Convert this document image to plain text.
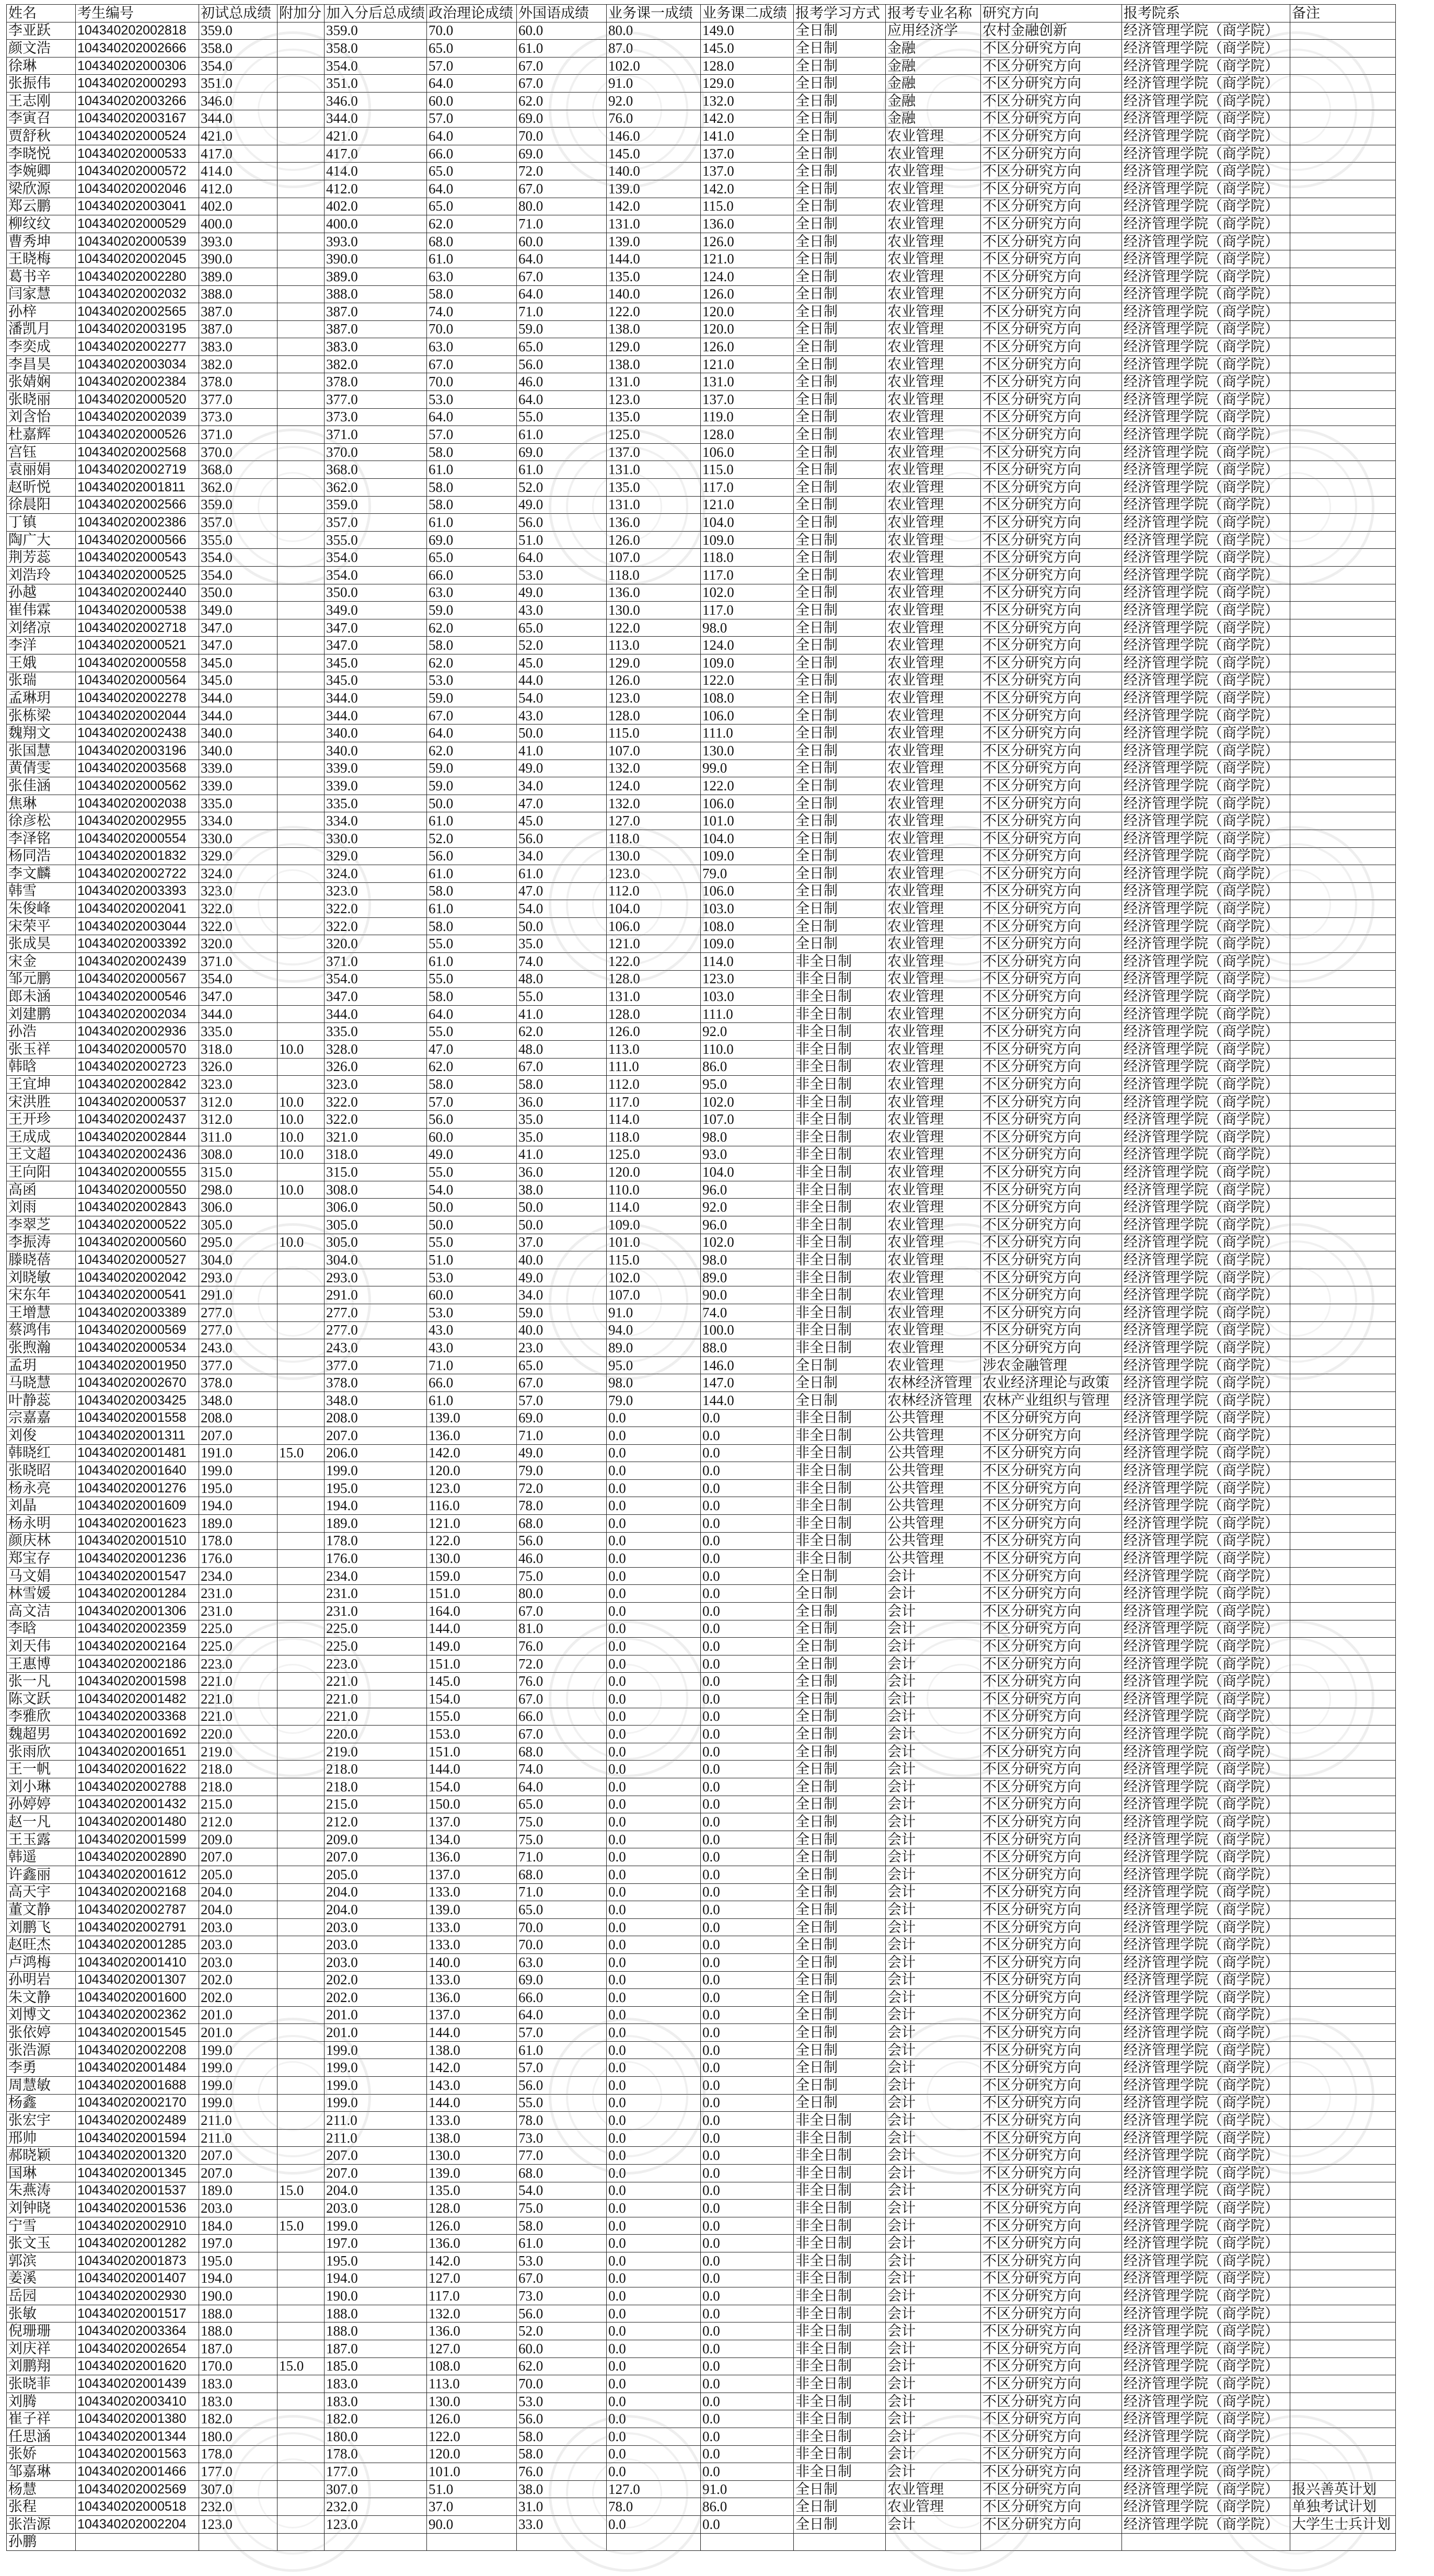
姓名	考生编号	初试总成绩	附加分	加入分后总成绩	政治理论成绩	外国语成绩	业务课一成绩	业务课二成绩	报考学习方式	报考专业名称	研究方向	报考院系	备注
李亚跃	104340202002818	359.0		359.0	70.0	60.0	80.0	149.0	全日制	应用经济学	农村金融创新	经济管理学院（商学院）	
颜文浩	104340202002666	358.0		358.0	65.0	61.0	87.0	145.0	全日制	金融	不区分研究方向	经济管理学院（商学院）	
徐琳	104340202000306	354.0		354.0	57.0	67.0	102.0	128.0	全日制	金融	不区分研究方向	经济管理学院（商学院）	
张振伟	104340202000293	351.0		351.0	64.0	67.0	91.0	129.0	全日制	金融	不区分研究方向	经济管理学院（商学院）	
王志刚	104340202003266	346.0		346.0	60.0	62.0	92.0	132.0	全日制	金融	不区分研究方向	经济管理学院（商学院）	
李寅召	104340202003167	344.0		344.0	57.0	69.0	76.0	142.0	全日制	金融	不区分研究方向	经济管理学院（商学院）	
贾舒秋	104340202000524	421.0		421.0	64.0	70.0	146.0	141.0	全日制	农业管理	不区分研究方向	经济管理学院（商学院）	
李晓悦	104340202000533	417.0		417.0	66.0	69.0	145.0	137.0	全日制	农业管理	不区分研究方向	经济管理学院（商学院）	
李婉卿	104340202000572	414.0		414.0	65.0	72.0	140.0	137.0	全日制	农业管理	不区分研究方向	经济管理学院（商学院）	
梁欣源	104340202002046	412.0		412.0	64.0	67.0	139.0	142.0	全日制	农业管理	不区分研究方向	经济管理学院（商学院）	
郑云鹏	104340202003041	402.0		402.0	65.0	80.0	142.0	115.0	全日制	农业管理	不区分研究方向	经济管理学院（商学院）	
柳纹纹	104340202000529	400.0		400.0	62.0	71.0	131.0	136.0	全日制	农业管理	不区分研究方向	经济管理学院（商学院）	
曹秀坤	104340202000539	393.0		393.0	68.0	60.0	139.0	126.0	全日制	农业管理	不区分研究方向	经济管理学院（商学院）	
王晓梅	104340202002045	390.0		390.0	61.0	64.0	144.0	121.0	全日制	农业管理	不区分研究方向	经济管理学院（商学院）	
葛书辛	104340202002280	389.0		389.0	63.0	67.0	135.0	124.0	全日制	农业管理	不区分研究方向	经济管理学院（商学院）	
闫家慧	104340202002032	388.0		388.0	58.0	64.0	140.0	126.0	全日制	农业管理	不区分研究方向	经济管理学院（商学院）	
孙梓	104340202002565	387.0		387.0	74.0	71.0	122.0	120.0	全日制	农业管理	不区分研究方向	经济管理学院（商学院）	
潘凯月	104340202003195	387.0		387.0	70.0	59.0	138.0	120.0	全日制	农业管理	不区分研究方向	经济管理学院（商学院）	
李奕成	104340202002277	383.0		383.0	63.0	65.0	129.0	126.0	全日制	农业管理	不区分研究方向	经济管理学院（商学院）	
李昌昊	104340202003034	382.0		382.0	67.0	56.0	138.0	121.0	全日制	农业管理	不区分研究方向	经济管理学院（商学院）	
张婧娴	104340202002384	378.0		378.0	70.0	46.0	131.0	131.0	全日制	农业管理	不区分研究方向	经济管理学院（商学院）	
张晓丽	104340202000520	377.0		377.0	53.0	64.0	123.0	137.0	全日制	农业管理	不区分研究方向	经济管理学院（商学院）	
刘含怡	104340202002039	373.0		373.0	64.0	55.0	135.0	119.0	全日制	农业管理	不区分研究方向	经济管理学院（商学院）	
杜嘉辉	104340202000526	371.0		371.0	57.0	61.0	125.0	128.0	全日制	农业管理	不区分研究方向	经济管理学院（商学院）	
宫钰	104340202002568	370.0		370.0	58.0	69.0	137.0	106.0	全日制	农业管理	不区分研究方向	经济管理学院（商学院）	
袁丽娟	104340202002719	368.0		368.0	61.0	61.0	131.0	115.0	全日制	农业管理	不区分研究方向	经济管理学院（商学院）	
赵昕悦	104340202001811	362.0		362.0	58.0	52.0	135.0	117.0	全日制	农业管理	不区分研究方向	经济管理学院（商学院）	
徐晨阳	104340202002566	359.0		359.0	58.0	49.0	131.0	121.0	全日制	农业管理	不区分研究方向	经济管理学院（商学院）	
丁镇	104340202002386	357.0		357.0	61.0	56.0	136.0	104.0	全日制	农业管理	不区分研究方向	经济管理学院（商学院）	
陶广大	104340202000566	355.0		355.0	69.0	51.0	126.0	109.0	全日制	农业管理	不区分研究方向	经济管理学院（商学院）	
荆芳蕊	104340202000543	354.0		354.0	65.0	64.0	107.0	118.0	全日制	农业管理	不区分研究方向	经济管理学院（商学院）	
刘浩玲	104340202000525	354.0		354.0	66.0	53.0	118.0	117.0	全日制	农业管理	不区分研究方向	经济管理学院（商学院）	
孙越	104340202002440	350.0		350.0	63.0	49.0	136.0	102.0	全日制	农业管理	不区分研究方向	经济管理学院（商学院）	
崔伟霖	104340202000538	349.0		349.0	59.0	43.0	130.0	117.0	全日制	农业管理	不区分研究方向	经济管理学院（商学院）	
刘绪凉	104340202002718	347.0		347.0	62.0	65.0	122.0	98.0	全日制	农业管理	不区分研究方向	经济管理学院（商学院）	
李洋	104340202000521	347.0		347.0	58.0	52.0	113.0	124.0	全日制	农业管理	不区分研究方向	经济管理学院（商学院）	
王娥	104340202000558	345.0		345.0	62.0	45.0	129.0	109.0	全日制	农业管理	不区分研究方向	经济管理学院（商学院）	
张瑞	104340202000564	345.0		345.0	53.0	44.0	126.0	122.0	全日制	农业管理	不区分研究方向	经济管理学院（商学院）	
孟琳玥	104340202002278	344.0		344.0	59.0	54.0	123.0	108.0	全日制	农业管理	不区分研究方向	经济管理学院（商学院）	
张栋梁	104340202002044	344.0		344.0	67.0	43.0	128.0	106.0	全日制	农业管理	不区分研究方向	经济管理学院（商学院）	
魏翔文	104340202002438	340.0		340.0	64.0	50.0	115.0	111.0	全日制	农业管理	不区分研究方向	经济管理学院（商学院）	
张国慧	104340202003196	340.0		340.0	62.0	41.0	107.0	130.0	全日制	农业管理	不区分研究方向	经济管理学院（商学院）	
黄倩雯	104340202003568	339.0		339.0	59.0	49.0	132.0	99.0	全日制	农业管理	不区分研究方向	经济管理学院（商学院）	
张佳涵	104340202000562	339.0		339.0	59.0	34.0	124.0	122.0	全日制	农业管理	不区分研究方向	经济管理学院（商学院）	
焦琳	104340202002038	335.0		335.0	50.0	47.0	132.0	106.0	全日制	农业管理	不区分研究方向	经济管理学院（商学院）	
徐彦松	104340202002955	334.0		334.0	61.0	45.0	127.0	101.0	全日制	农业管理	不区分研究方向	经济管理学院（商学院）	
李泽铭	104340202000554	330.0		330.0	52.0	56.0	118.0	104.0	全日制	农业管理	不区分研究方向	经济管理学院（商学院）	
杨同浩	104340202001832	329.0		329.0	56.0	34.0	130.0	109.0	全日制	农业管理	不区分研究方向	经济管理学院（商学院）	
李文麟	104340202002722	324.0		324.0	61.0	61.0	123.0	79.0	全日制	农业管理	不区分研究方向	经济管理学院（商学院）	
韩雪	104340202003393	323.0		323.0	58.0	47.0	112.0	106.0	全日制	农业管理	不区分研究方向	经济管理学院（商学院）	
朱俊峰	104340202002041	322.0		322.0	61.0	54.0	104.0	103.0	全日制	农业管理	不区分研究方向	经济管理学院（商学院）	
宋荣平	104340202003044	322.0		322.0	58.0	50.0	106.0	108.0	全日制	农业管理	不区分研究方向	经济管理学院（商学院）	
张成昊	104340202003392	320.0		320.0	55.0	35.0	121.0	109.0	全日制	农业管理	不区分研究方向	经济管理学院（商学院）	
宋金	104340202002439	371.0		371.0	61.0	74.0	122.0	114.0	非全日制	农业管理	不区分研究方向	经济管理学院（商学院）	
邹元鹏	104340202000567	354.0		354.0	55.0	48.0	128.0	123.0	非全日制	农业管理	不区分研究方向	经济管理学院（商学院）	
郎未涵	104340202000546	347.0		347.0	58.0	55.0	131.0	103.0	非全日制	农业管理	不区分研究方向	经济管理学院（商学院）	
刘建鹏	104340202002034	344.0		344.0	64.0	41.0	128.0	111.0	非全日制	农业管理	不区分研究方向	经济管理学院（商学院）	
孙浩	104340202002936	335.0		335.0	55.0	62.0	126.0	92.0	非全日制	农业管理	不区分研究方向	经济管理学院（商学院）	
张玉祥	104340202000570	318.0	10.0	328.0	47.0	48.0	113.0	110.0	非全日制	农业管理	不区分研究方向	经济管理学院（商学院）	
韩晗	104340202002723	326.0		326.0	62.0	67.0	111.0	86.0	非全日制	农业管理	不区分研究方向	经济管理学院（商学院）	
王宜坤	104340202002842	323.0		323.0	58.0	58.0	112.0	95.0	非全日制	农业管理	不区分研究方向	经济管理学院（商学院）	
宋洪胜	104340202000537	312.0	10.0	322.0	57.0	36.0	117.0	102.0	非全日制	农业管理	不区分研究方向	经济管理学院（商学院）	
王开珍	104340202002437	312.0	10.0	322.0	56.0	35.0	114.0	107.0	非全日制	农业管理	不区分研究方向	经济管理学院（商学院）	
王成成	104340202002844	311.0	10.0	321.0	60.0	35.0	118.0	98.0	非全日制	农业管理	不区分研究方向	经济管理学院（商学院）	
王文超	104340202002436	308.0	10.0	318.0	49.0	41.0	125.0	93.0	非全日制	农业管理	不区分研究方向	经济管理学院（商学院）	
王向阳	104340202000555	315.0		315.0	55.0	36.0	120.0	104.0	非全日制	农业管理	不区分研究方向	经济管理学院（商学院）	
高函	104340202000550	298.0	10.0	308.0	54.0	38.0	110.0	96.0	非全日制	农业管理	不区分研究方向	经济管理学院（商学院）	
刘雨	104340202002843	306.0		306.0	50.0	50.0	114.0	92.0	非全日制	农业管理	不区分研究方向	经济管理学院（商学院）	
李翠芝	104340202000522	305.0		305.0	50.0	50.0	109.0	96.0	非全日制	农业管理	不区分研究方向	经济管理学院（商学院）	
李振涛	104340202000560	295.0	10.0	305.0	55.0	37.0	101.0	102.0	非全日制	农业管理	不区分研究方向	经济管理学院（商学院）	
滕晓蓓	104340202000527	304.0		304.0	51.0	40.0	115.0	98.0	非全日制	农业管理	不区分研究方向	经济管理学院（商学院）	
刘晓敏	104340202002042	293.0		293.0	53.0	49.0	102.0	89.0	非全日制	农业管理	不区分研究方向	经济管理学院（商学院）	
宋东年	104340202000541	291.0		291.0	60.0	34.0	107.0	90.0	非全日制	农业管理	不区分研究方向	经济管理学院（商学院）	
王增慧	104340202003389	277.0		277.0	53.0	59.0	91.0	74.0	非全日制	农业管理	不区分研究方向	经济管理学院（商学院）	
蔡鸿伟	104340202000569	277.0		277.0	43.0	40.0	94.0	100.0	非全日制	农业管理	不区分研究方向	经济管理学院（商学院）	
张煦瀚	104340202000534	243.0		243.0	43.0	23.0	89.0	88.0	非全日制	农业管理	不区分研究方向	经济管理学院（商学院）	
孟玥	104340202001950	377.0		377.0	71.0	65.0	95.0	146.0	全日制	农业管理	涉农金融管理	经济管理学院（商学院）	
马晓慧	104340202002670	378.0		378.0	66.0	67.0	98.0	147.0	全日制	农林经济管理	农业经济理论与政策	经济管理学院（商学院）	
叶静蕊	104340202003425	348.0		348.0	61.0	57.0	79.0	144.0	全日制	农林经济管理	农林产业组织与管理	经济管理学院（商学院）	
宗嘉嘉	104340202001558	208.0		208.0	139.0	69.0	0.0	0.0	非全日制	公共管理	不区分研究方向	经济管理学院（商学院）	
刘俊	104340202001311	207.0		207.0	136.0	71.0	0.0	0.0	非全日制	公共管理	不区分研究方向	经济管理学院（商学院）	
韩晓红	104340202001481	191.0	15.0	206.0	142.0	49.0	0.0	0.0	非全日制	公共管理	不区分研究方向	经济管理学院（商学院）	
张晓昭	104340202001640	199.0		199.0	120.0	79.0	0.0	0.0	非全日制	公共管理	不区分研究方向	经济管理学院（商学院）	
杨永亮	104340202001276	195.0		195.0	123.0	72.0	0.0	0.0	非全日制	公共管理	不区分研究方向	经济管理学院（商学院）	
刘晶	104340202001609	194.0		194.0	116.0	78.0	0.0	0.0	非全日制	公共管理	不区分研究方向	经济管理学院（商学院）	
杨永明	104340202001623	189.0		189.0	121.0	68.0	0.0	0.0	非全日制	公共管理	不区分研究方向	经济管理学院（商学院）	
颜庆林	104340202001510	178.0		178.0	122.0	56.0	0.0	0.0	非全日制	公共管理	不区分研究方向	经济管理学院（商学院）	
郑宝存	104340202001236	176.0		176.0	130.0	46.0	0.0	0.0	非全日制	公共管理	不区分研究方向	经济管理学院（商学院）	
马文娟	104340202001547	234.0		234.0	159.0	75.0	0.0	0.0	全日制	会计	不区分研究方向	经济管理学院（商学院）	
林雪媛	104340202001284	231.0		231.0	151.0	80.0	0.0	0.0	全日制	会计	不区分研究方向	经济管理学院（商学院）	
高文洁	104340202001306	231.0		231.0	164.0	67.0	0.0	0.0	全日制	会计	不区分研究方向	经济管理学院（商学院）	
李晗	104340202002359	225.0		225.0	144.0	81.0	0.0	0.0	全日制	会计	不区分研究方向	经济管理学院（商学院）	
刘天伟	104340202002164	225.0		225.0	149.0	76.0	0.0	0.0	全日制	会计	不区分研究方向	经济管理学院（商学院）	
王惠博	104340202002186	223.0		223.0	151.0	72.0	0.0	0.0	全日制	会计	不区分研究方向	经济管理学院（商学院）	
张一凡	104340202001598	221.0		221.0	145.0	76.0	0.0	0.0	全日制	会计	不区分研究方向	经济管理学院（商学院）	
陈文跃	104340202001482	221.0		221.0	154.0	67.0	0.0	0.0	全日制	会计	不区分研究方向	经济管理学院（商学院）	
李雅欣	104340202003368	221.0		221.0	155.0	66.0	0.0	0.0	全日制	会计	不区分研究方向	经济管理学院（商学院）	
魏超男	104340202001692	220.0		220.0	153.0	67.0	0.0	0.0	全日制	会计	不区分研究方向	经济管理学院（商学院）	
张雨欣	104340202001651	219.0		219.0	151.0	68.0	0.0	0.0	全日制	会计	不区分研究方向	经济管理学院（商学院）	
王一帆	104340202001622	218.0		218.0	144.0	74.0	0.0	0.0	全日制	会计	不区分研究方向	经济管理学院（商学院）	
刘小琳	104340202002788	218.0		218.0	154.0	64.0	0.0	0.0	全日制	会计	不区分研究方向	经济管理学院（商学院）	
孙婷婷	104340202001432	215.0		215.0	150.0	65.0	0.0	0.0	全日制	会计	不区分研究方向	经济管理学院（商学院）	
赵一凡	104340202001480	212.0		212.0	137.0	75.0	0.0	0.0	全日制	会计	不区分研究方向	经济管理学院（商学院）	
王玉露	104340202001599	209.0		209.0	134.0	75.0	0.0	0.0	全日制	会计	不区分研究方向	经济管理学院（商学院）	
韩遥	104340202002890	207.0		207.0	136.0	71.0	0.0	0.0	全日制	会计	不区分研究方向	经济管理学院（商学院）	
许鑫丽	104340202001612	205.0		205.0	137.0	68.0	0.0	0.0	全日制	会计	不区分研究方向	经济管理学院（商学院）	
高天宇	104340202002168	204.0		204.0	133.0	71.0	0.0	0.0	全日制	会计	不区分研究方向	经济管理学院（商学院）	
董文静	104340202002787	204.0		204.0	139.0	65.0	0.0	0.0	全日制	会计	不区分研究方向	经济管理学院（商学院）	
刘鹏飞	104340202002791	203.0		203.0	133.0	70.0	0.0	0.0	全日制	会计	不区分研究方向	经济管理学院（商学院）	
赵旺杰	104340202001285	203.0		203.0	133.0	70.0	0.0	0.0	全日制	会计	不区分研究方向	经济管理学院（商学院）	
卢鸿梅	104340202001410	203.0		203.0	140.0	63.0	0.0	0.0	全日制	会计	不区分研究方向	经济管理学院（商学院）	
孙明岩	104340202001307	202.0		202.0	133.0	69.0	0.0	0.0	全日制	会计	不区分研究方向	经济管理学院（商学院）	
朱文静	104340202001600	202.0		202.0	136.0	66.0	0.0	0.0	全日制	会计	不区分研究方向	经济管理学院（商学院）	
刘博文	104340202002362	201.0		201.0	137.0	64.0	0.0	0.0	全日制	会计	不区分研究方向	经济管理学院（商学院）	
张依婷	104340202001545	201.0		201.0	144.0	57.0	0.0	0.0	全日制	会计	不区分研究方向	经济管理学院（商学院）	
张浩源	104340202002208	199.0		199.0	138.0	61.0	0.0	0.0	全日制	会计	不区分研究方向	经济管理学院（商学院）	
李勇	104340202001484	199.0		199.0	142.0	57.0	0.0	0.0	全日制	会计	不区分研究方向	经济管理学院（商学院）	
周慧敏	104340202001688	199.0		199.0	143.0	56.0	0.0	0.0	全日制	会计	不区分研究方向	经济管理学院（商学院）	
杨鑫	104340202002170	199.0		199.0	144.0	55.0	0.0	0.0	全日制	会计	不区分研究方向	经济管理学院（商学院）	
张宏宇	104340202002489	211.0		211.0	133.0	78.0	0.0	0.0	非全日制	会计	不区分研究方向	经济管理学院（商学院）	
邢帅	104340202001594	211.0		211.0	138.0	73.0	0.0	0.0	非全日制	会计	不区分研究方向	经济管理学院（商学院）	
郝晓颖	104340202001320	207.0		207.0	130.0	77.0	0.0	0.0	非全日制	会计	不区分研究方向	经济管理学院（商学院）	
国琳	104340202001345	207.0		207.0	139.0	68.0	0.0	0.0	非全日制	会计	不区分研究方向	经济管理学院（商学院）	
朱燕涛	104340202001537	189.0	15.0	204.0	135.0	54.0	0.0	0.0	非全日制	会计	不区分研究方向	经济管理学院（商学院）	
刘钟晓	104340202001536	203.0		203.0	128.0	75.0	0.0	0.0	非全日制	会计	不区分研究方向	经济管理学院（商学院）	
宁雪	104340202002910	184.0	15.0	199.0	126.0	58.0	0.0	0.0	非全日制	会计	不区分研究方向	经济管理学院（商学院）	
张文玉	104340202001282	197.0		197.0	136.0	61.0	0.0	0.0	非全日制	会计	不区分研究方向	经济管理学院（商学院）	
郭滨	104340202001873	195.0		195.0	142.0	53.0	0.0	0.0	非全日制	会计	不区分研究方向	经济管理学院（商学院）	
姜溪	104340202001407	194.0		194.0	127.0	67.0	0.0	0.0	非全日制	会计	不区分研究方向	经济管理学院（商学院）	
岳园	104340202002930	190.0		190.0	117.0	73.0	0.0	0.0	非全日制	会计	不区分研究方向	经济管理学院（商学院）	
张敏	104340202001517	188.0		188.0	132.0	56.0	0.0	0.0	非全日制	会计	不区分研究方向	经济管理学院（商学院）	
倪珊珊	104340202003364	188.0		188.0	136.0	52.0	0.0	0.0	非全日制	会计	不区分研究方向	经济管理学院（商学院）	
刘庆祥	104340202002654	187.0		187.0	127.0	60.0	0.0	0.0	非全日制	会计	不区分研究方向	经济管理学院（商学院）	
刘鹏翔	104340202001620	170.0	15.0	185.0	108.0	62.0	0.0	0.0	非全日制	会计	不区分研究方向	经济管理学院（商学院）	
张晓菲	104340202001439	183.0		183.0	113.0	70.0	0.0	0.0	非全日制	会计	不区分研究方向	经济管理学院（商学院）	
刘腾	104340202003410	183.0		183.0	130.0	53.0	0.0	0.0	非全日制	会计	不区分研究方向	经济管理学院（商学院）	
崔子祥	104340202001380	182.0		182.0	126.0	56.0	0.0	0.0	非全日制	会计	不区分研究方向	经济管理学院（商学院）	
任思涵	104340202001344	180.0		180.0	122.0	58.0	0.0	0.0	非全日制	会计	不区分研究方向	经济管理学院（商学院）	
张娇	104340202001563	178.0		178.0	120.0	58.0	0.0	0.0	非全日制	会计	不区分研究方向	经济管理学院（商学院）	
邹嘉琳	104340202001466	177.0		177.0	101.0	76.0	0.0	0.0	非全日制	会计	不区分研究方向	经济管理学院（商学院）	
杨慧	104340202002569	307.0		307.0	51.0	38.0	127.0	91.0	全日制	农业管理	不区分研究方向	经济管理学院（商学院）	报兴善英计划
张程	104340202000518	232.0		232.0	37.0	31.0	78.0	86.0	全日制	农业管理	不区分研究方向	经济管理学院（商学院）	单独考试计划
张浩源	104340202002204	123.0		123.0	90.0	33.0	0.0	0.0	全日制	会计	不区分研究方向	经济管理学院（商学院）	大学生士兵计划
孙鹏													
